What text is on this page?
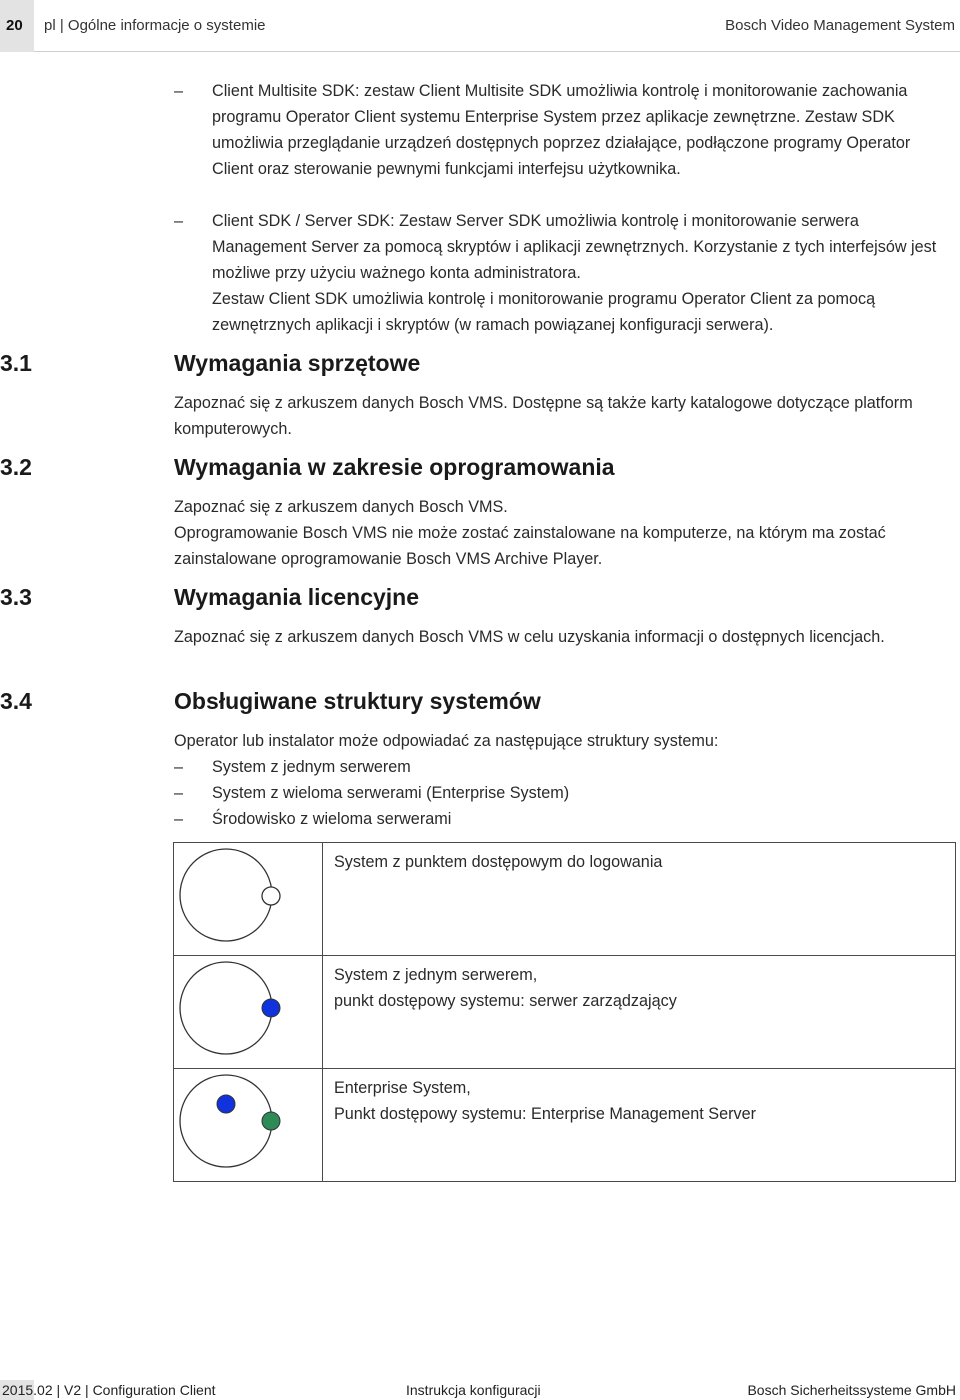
20 pl | Ogólne informacje o systemie	Bosch Video Management System
– Client Multisite SDK: zestaw Client Multisite SDK umożliwia kontrolę i monitorowanie zachowania programu Operator Client systemu Enterprise System przez aplikacje zewnętrzne. Zestaw SDK umożliwia przeglądanie urządzeń dostępnych poprzez działające, podłączone programy Operator Client oraz sterowanie pewnymi funkcjami interfejsu użytkownika.
– Client SDK / Server SDK: Zestaw Server SDK umożliwia kontrolę i monitorowanie serwera Management Server za pomocą skryptów i aplikacji zewnętrznych. Korzystanie z tych interfejsów jest możliwe przy użyciu ważnego konta administratora.
Zestaw Client SDK umożliwia kontrolę i monitorowanie programu Operator Client za pomocą zewnętrznych aplikacji i skryptów (w ramach powiązanej konfiguracji serwera).
3.1	Wymagania sprzętowe
Zapoznać się z arkuszem danych Bosch VMS. Dostępne są także karty katalogowe dotyczące platform komputerowych.
3.2	Wymagania w zakresie oprogramowania
Zapoznać się z arkuszem danych Bosch VMS.
Oprogramowanie Bosch VMS nie może zostać zainstalowane na komputerze, na którym ma zostać zainstalowane oprogramowanie Bosch VMS Archive Player.
3.3	Wymagania licencyjne
Zapoznać się z arkuszem danych Bosch VMS w celu uzyskania informacji o dostępnych licencjach.
3.4	Obsługiwane struktury systemów
Operator lub instalator może odpowiadać za następujące struktury systemu:
– System z jednym serwerem
– System z wieloma serwerami (Enterprise System)
– Środowisko z wieloma serwerami
System z punktem dostępowym do logowania
System z jednym serwerem,
punkt dostępowy systemu: serwer zarządzający
Enterprise System,
Punkt dostępowy systemu: Enterprise Management Server
2015.02 | V2 | Configuration Client	Instrukcja konfiguracji	Bosch Sicherheitssysteme GmbH
